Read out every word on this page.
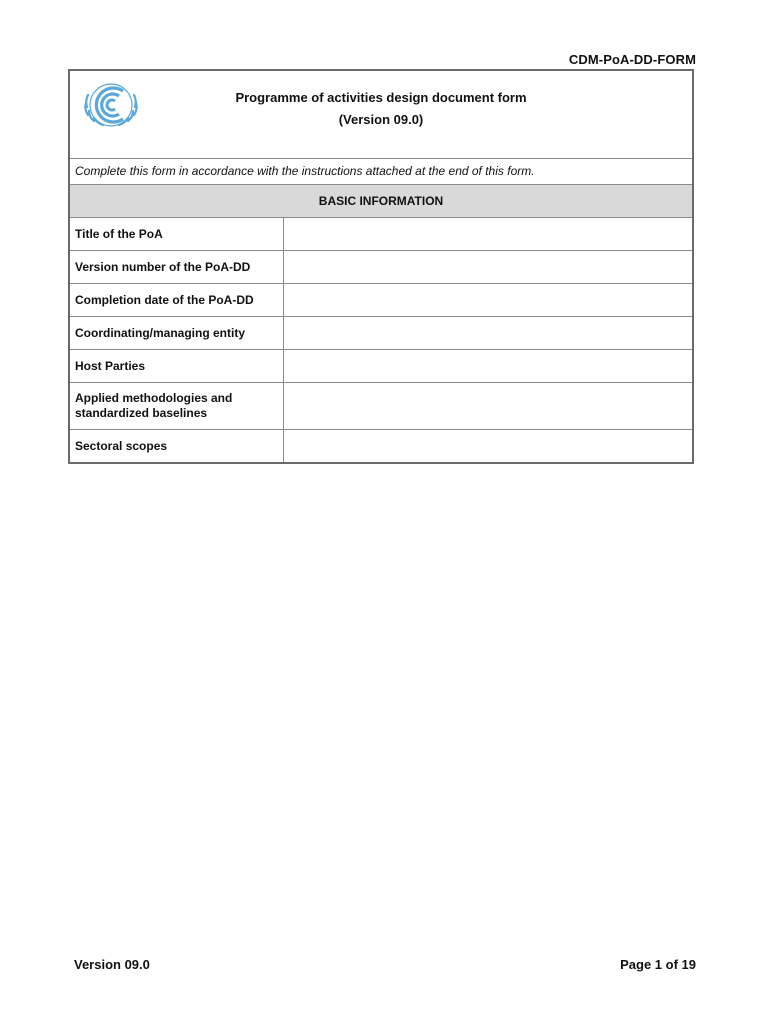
CDM-PoA-DD-FORM
Programme of activities design document form
(Version 09.0)
Complete this form in accordance with the instructions attached at the end of this form.
BASIC INFORMATION
Title of the PoA
Version number of the PoA-DD
Completion date of the PoA-DD
Coordinating/managing entity
Host Parties
Applied methodologies and standardized baselines
Sectoral scopes
Version 09.0	Page 1 of 19
